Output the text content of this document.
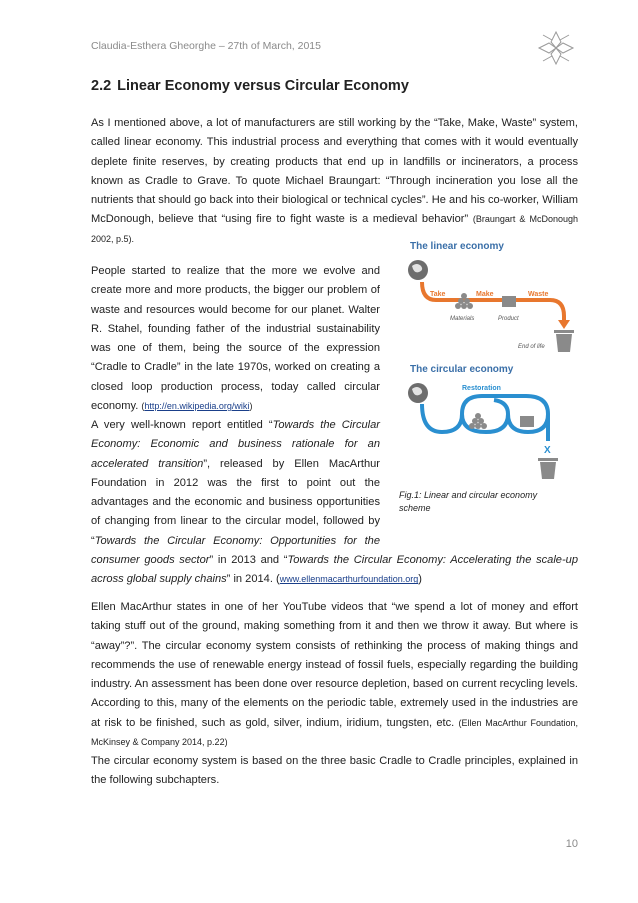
Claudia-Esthera Gheorghe – 27th of March, 2015
2.2 Linear Economy versus Circular Economy

As I mentioned above, a lot of manufacturers are still working by the “Take, Make, Waste” system, called linear economy. This industrial process and everything that comes with it would eventually deplete finite reserves, by creating products that end up in landfills or incinerators, a process known as Cradle to Grave. To quote Michael Braungart: “Through incineration you lose all the nutrients that should go back into their biological or technical cycles”. He and his co-worker, William McDonough, believe that “using fire to fight waste is a medieval behavior” (Braungart & McDonough 2002, p.5).

People started to realize that the more we evolve and create more and more products, the bigger our problem of waste and resources would become for our planet. Walter R. Stahel, founding father of the industrial sustainability was one of them, being the source of the expression “Cradle to Cradle” in the late 1970s, worked on creating a closed loop production process, today called circular economy. (http://en.wikipedia.org/wiki)

A very well-known report entitled “Towards the Circular Economy: Economic and business rationale for an accelerated transition”, released by Ellen MacArthur Foundation in 2012 was the first to point out the advantages and the economic and business opportunities of changing from linear to the circular model, followed by “Towards the Circular Economy: Opportunities for the consumer goods sector” in 2013 and “Towards the Circular Economy: Accelerating the scale-up across global supply chains” in 2014. (www.ellenmacarthurfoundation.org)

Ellen MacArthur states in one of her YouTube videos that “we spend a lot of money and effort taking stuff out of the ground, making something from it and then we throw it away. But where is “away”?”. The circular economy system consists of rethinking the process of making things and recommends the use of renewable energy instead of fossil fuels, especially regarding the building industry. An assessment has been done over resource depletion, based on current recycling levels. According to this, many of the elements on the periodic table, extremely used in the industries are at risk to be finished, such as gold, silver, indium, iridium, tungsten, etc. (Ellen MacArthur Foundation, McKinsey & Company 2014, p.22)

The circular economy system is based on the three basic Cradle to Cradle principles, explained in the following subchapters.

The linear economy
Take	Make	Waste
Materials	Product
End of life
The circular economy
Restoration
X
Fig.1: Linear and circular economy scheme
10
